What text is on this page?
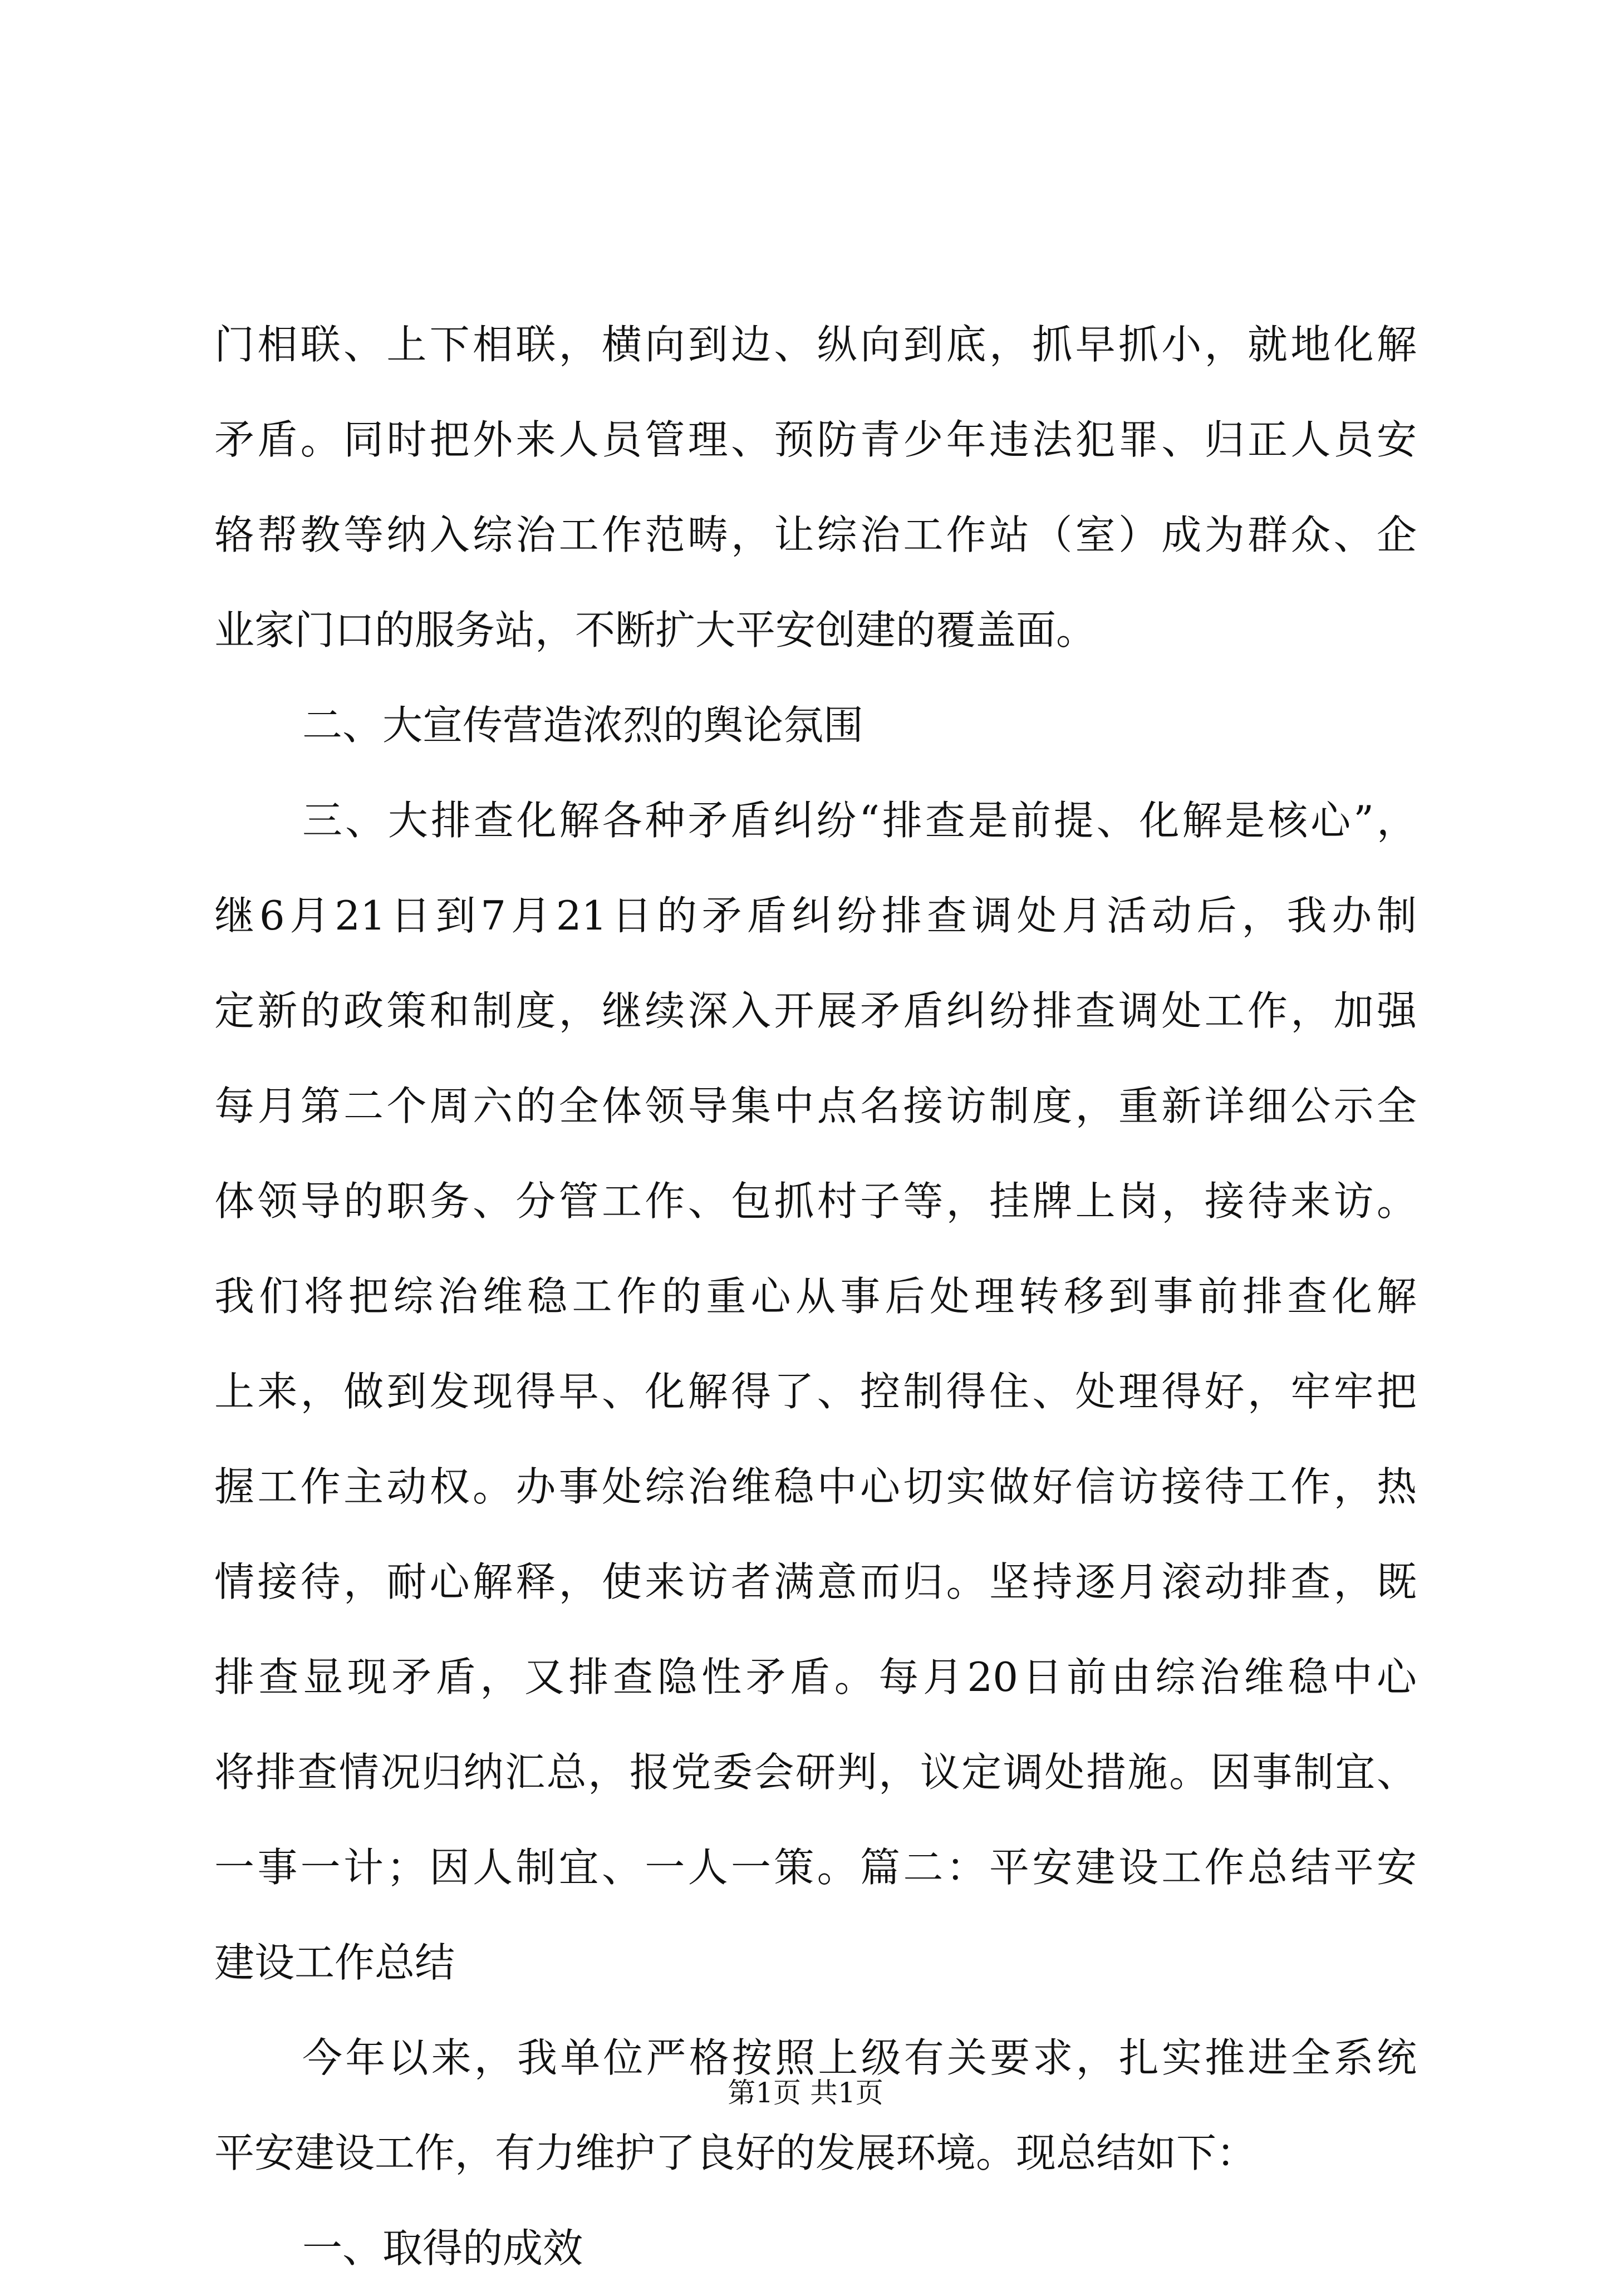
门相联、上下相联，横向到边、纵向到底，抓早抓小，就地化解
矛盾。同时把外来人员管理、预防青少年违法犯罪、归正人员安
辂帮教等纳入综治工作范畴，让综治工作站（室）成为群众、企
业家门口的服务站，不断扩大平安创建的覆盖面。
二、大宣传营造浓烈的舆论氛围
三、大排查化解各种矛盾纠纷“排查是前提、化解是核心”，
继6月21日到7月21日的矛盾纠纷排查调处月活动后，我办制
定新的政策和制度，继续深入开展矛盾纠纷排查调处工作，加强
每月第二个周六的全体领导集中点名接访制度，重新详细公示全
体领导的职务、分管工作、包抓村子等，挂牌上岗，接待来访。
我们将把综治维稳工作的重心从事后处理转移到事前排查化解
上来，做到发现得早、化解得了、控制得住、处理得好，牢牢把
握工作主动权。办事处综治维稳中心切实做好信访接待工作，热
情接待，耐心解释，使来访者满意而归。坚持逐月滚动排查，既
排查显现矛盾，又排查隐性矛盾。每月20日前由综治维稳中心
将排查情况归纳汇总，报党委会研判，议定调处措施。因事制宜、
一事一计；因人制宜、一人一策。篇二：平安建设工作总结平安
建设工作总结
今年以来，我单位严格按照上级有关要求，扎实推进全系统
平安建设工作，有力维护了良好的发展环境。现总结如下：
一、取得的成效
第1页 共1页
